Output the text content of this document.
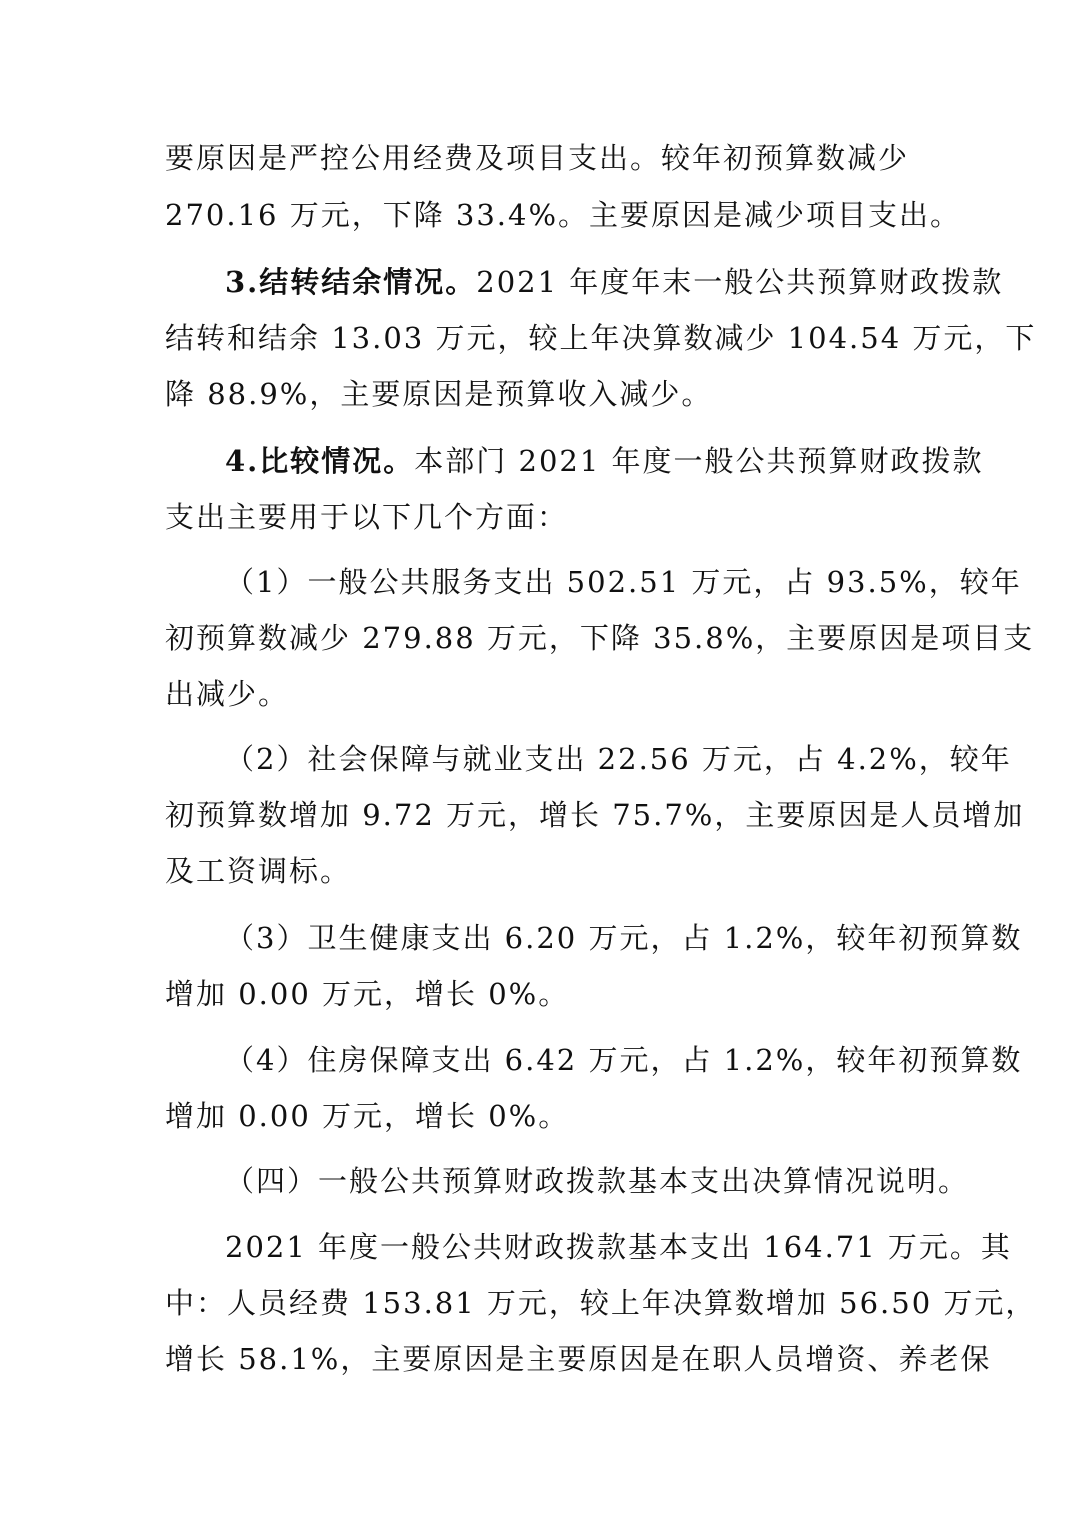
要原因是严控公用经费及项目支出。较年初预算数减少
270.16 万元，下降 33.4%。主要原因是减少项目支出。
3.结转结余情况。2021 年度年末一般公共预算财政拨款
结转和结余 13.03 万元，较上年决算数减少 104.54 万元，下
降 88.9%，主要原因是预算收入减少。
4.比较情况。本部门 2021 年度一般公共预算财政拨款
支出主要用于以下几个方面：
（1）一般公共服务支出 502.51 万元，占 93.5%，较年
初预算数减少 279.88 万元，下降 35.8%，主要原因是项目支
出减少。
（2）社会保障与就业支出 22.56 万元，占 4.2%，较年
初预算数增加 9.72 万元，增长 75.7%，主要原因是人员增加
及工资调标。
（3）卫生健康支出 6.20 万元，占 1.2%，较年初预算数
增加 0.00 万元，增长 0%。
（4）住房保障支出 6.42 万元，占 1.2%，较年初预算数
增加 0.00 万元，增长 0%。
（四）一般公共预算财政拨款基本支出决算情况说明。
2021 年度一般公共财政拨款基本支出 164.71 万元。其
中：人员经费 153.81 万元，较上年决算数增加 56.50 万元，
增长 58.1%，主要原因是主要原因是在职人员增资、养老保
